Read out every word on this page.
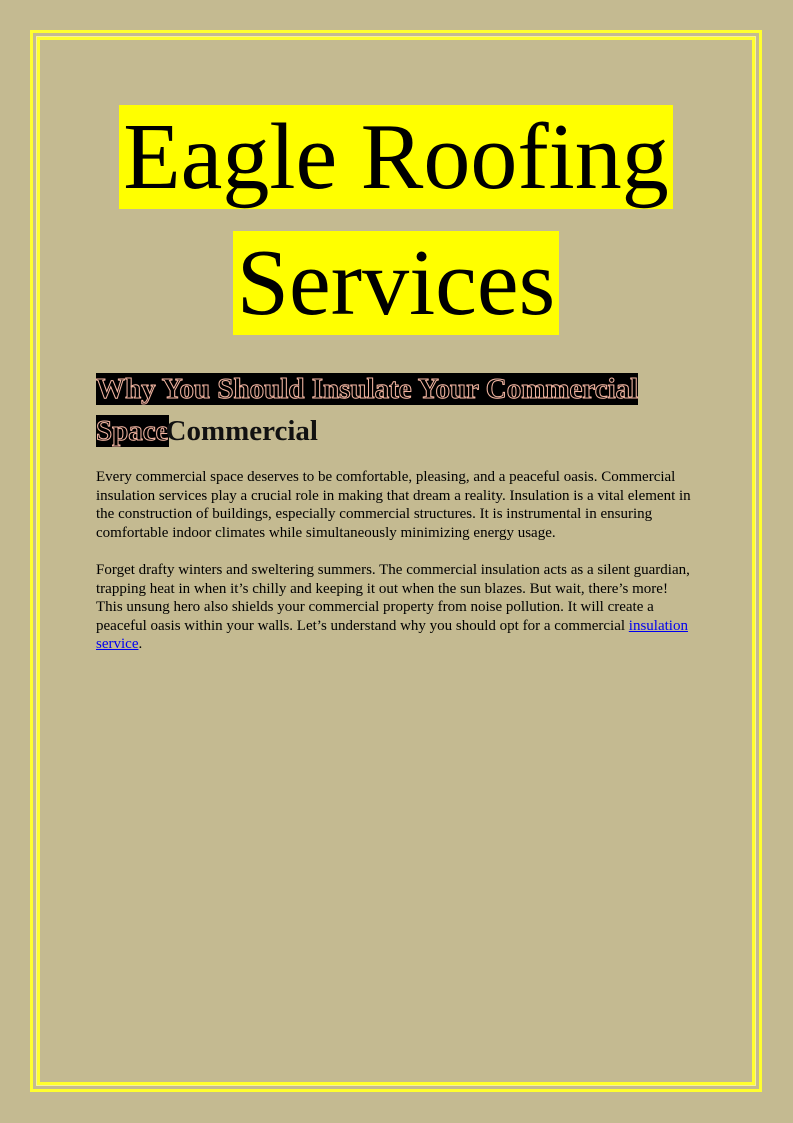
Eagle Roofing
Services
Why You Should Insulate Your Commercial SpaceCommercial

Every commercial space deserves to be comfortable, pleasing, and a peaceful oasis. Commercial insulation services play a crucial role in making that dream a reality. Insulation is a vital element in the construction of buildings, especially commercial structures. It is instrumental in ensuring comfortable indoor climates while simultaneously minimizing energy usage.

Forget drafty winters and sweltering summers. The commercial insulation acts as a silent guardian, trapping heat in when it’s chilly and keeping it out when the sun blazes. But wait, there’s more! This unsung hero also shields your commercial property from noise pollution. It will create a peaceful oasis within your walls. Let’s understand why you should opt for a commercial insulation service.
